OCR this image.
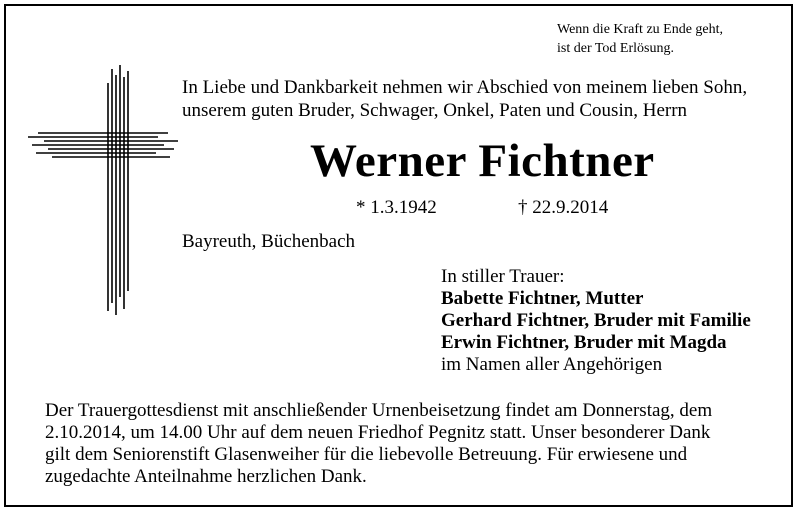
Wenn die Kraft zu Ende geht,
ist der Tod Erlösung.
In Liebe und Dankbarkeit nehmen wir Abschied von meinem lieben Sohn,
unserem guten Bruder, Schwager, Onkel, Paten und Cousin, Herrn
Werner Fichtner
* 1.3.1942	† 22.9.2014
Bayreuth, Büchenbach
In stiller Trauer:
Babette Fichtner, Mutter
Gerhard Fichtner, Bruder mit Familie
Erwin Fichtner, Bruder mit Magda
im Namen aller Angehörigen
Der Trauergottesdienst mit anschließender Urnenbeisetzung findet am Donnerstag, dem
2.10.2014, um 14.00 Uhr auf dem neuen Friedhof Pegnitz statt. Unser besonderer Dank
gilt dem Seniorenstift Glasenweiher für die liebevolle Betreuung. Für erwiesene und
zugedachte Anteilnahme herzlichen Dank.
